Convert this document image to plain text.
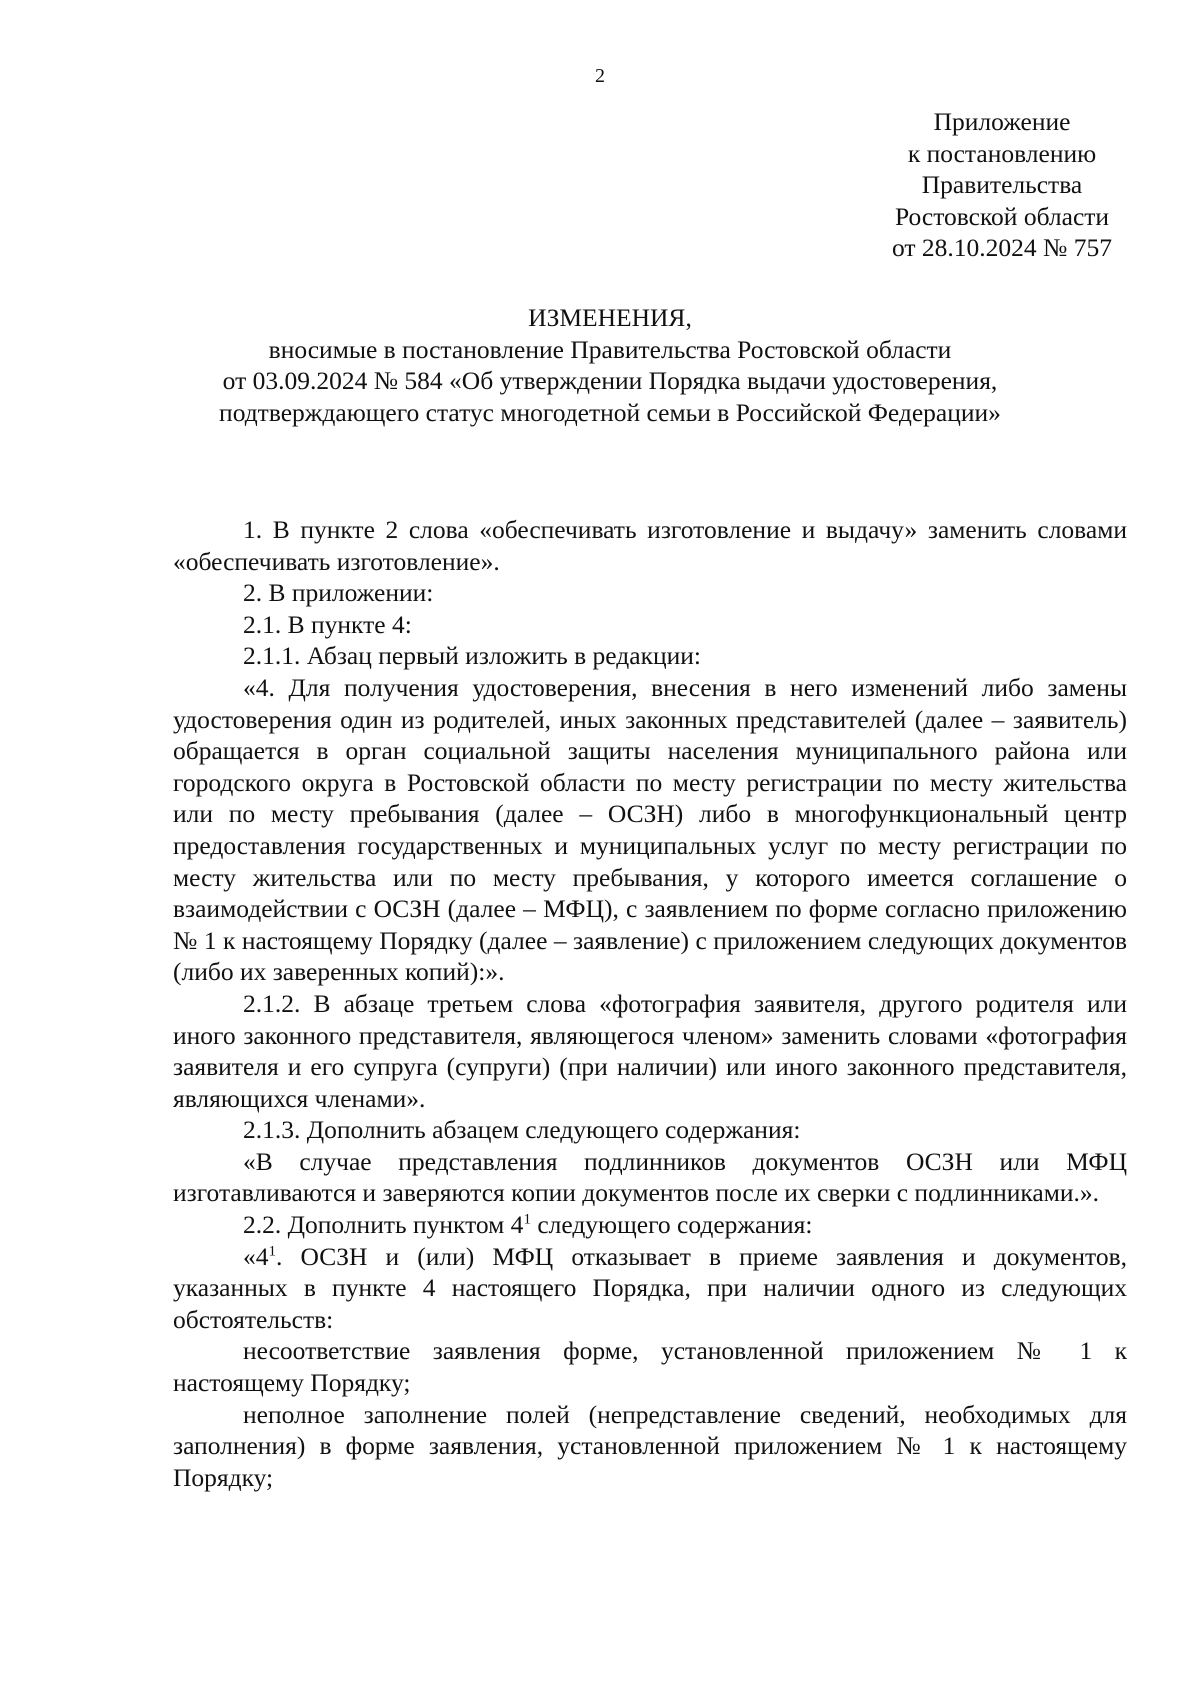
2
Приложение
к постановлению
Правительства
Ростовской области
от 28.10.2024 № 757
ИЗМЕНЕНИЯ,
вносимые в постановление Правительства Ростовской области
от 03.09.2024 № 584 «Об утверждении Порядка выдачи удостоверения,
подтверждающего статус многодетной семьи в Российской Федерации»

1. В пункте 2 слова «обеспечивать изготовление и выдачу» заменить словами «обеспечивать изготовление».

2. В приложении:

2.1. В пункте 4:

2.1.1. Абзац первый изложить в редакции:

«4. Для получения удостоверения, внесения в него изменений либо замены удостоверения один из родителей, иных законных представителей (далее – заявитель) обращается в орган социальной защиты населения муниципального района или городского округа в Ростовской области по месту регистрации по месту жительства или по месту пребывания (далее – ОСЗН) либо в многофункциональный центр предоставления государственных и муниципальных услуг по месту регистрации по месту жительства или по месту пребывания, у которого имеется соглашение о взаимодействии с ОСЗН (далее – МФЦ), с заявлением по форме согласно приложению № 1 к настоящему Порядку (далее – заявление) с приложением следующих документов (либо их заверенных копий):».

2.1.2. В абзаце третьем слова «фотография заявителя, другого родителя или иного законного представителя, являющегося членом» заменить словами «фотография заявителя и его супруга (супруги) (при наличии) или иного законного представителя, являющихся членами».

2.1.3. Дополнить абзацем следующего содержания:

«В случае представления подлинников документов ОСЗН или МФЦ изготавливаются и заверяются копии документов после их сверки с подлинниками.».

2.2. Дополнить пунктом $4^1$ следующего содержания:

«$4^1$. ОСЗН и (или) МФЦ отказывает в приеме заявления и документов, указанных в пункте 4 настоящего Порядка, при наличии одного из следующих обстоятельств:

несоответствие заявления форме, установленной приложением № 1 к настоящему Порядку;

неполное заполнение полей (непредставление сведений, необходимых для заполнения) в форме заявления, установленной приложением № 1 к настоящему Порядку;
